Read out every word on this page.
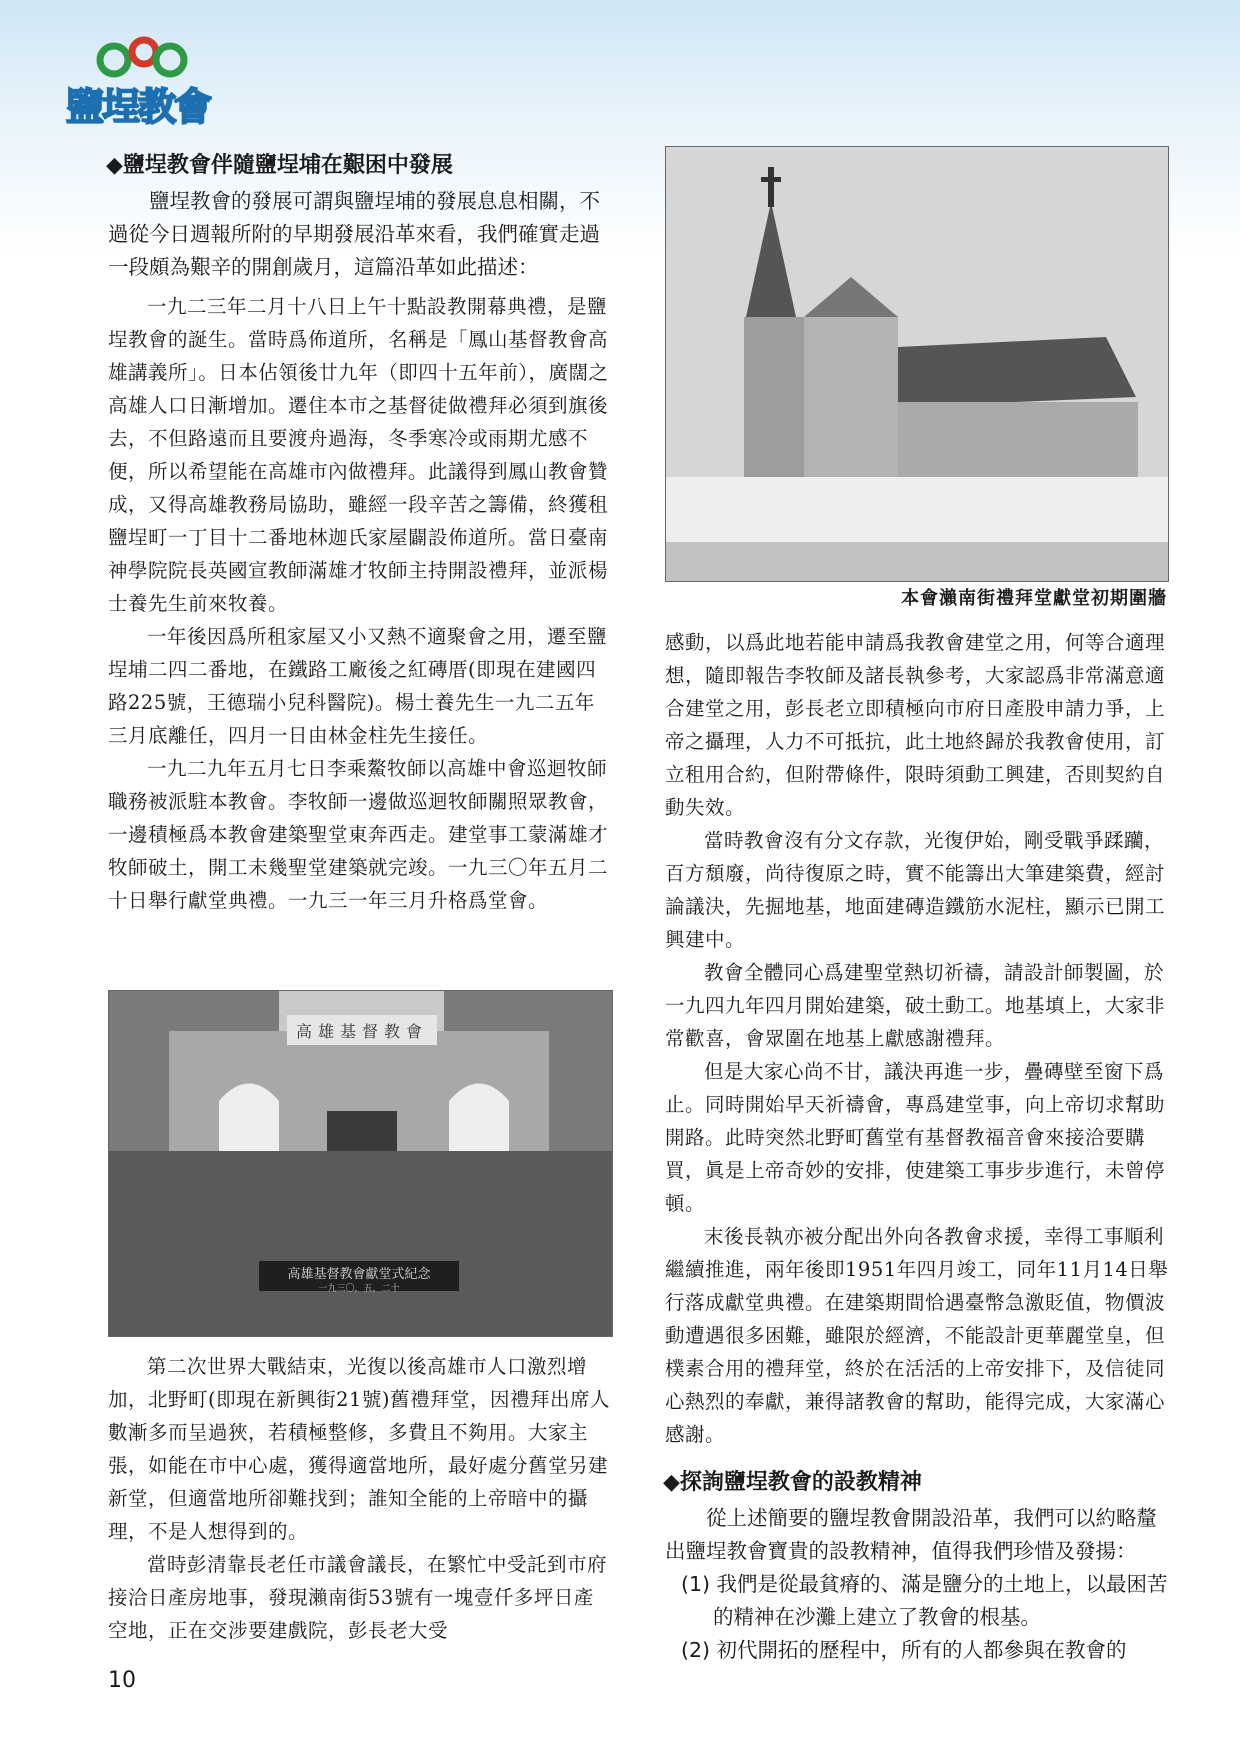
鹽埕教會
◆鹽埕教會伴隨鹽埕埔在艱困中發展

鹽埕教會的發展可謂與鹽埕埔的發展息息相關，不過從今日週報所附的早期發展沿革來看，我們確實走過一段頗為艱辛的開創歲月，這篇沿革如此描述：

一九二三年二月十八日上午十點設教開幕典禮，是鹽埕教會的誕生。當時爲佈道所，名稱是「鳳山基督教會高雄講義所」。日本佔領後廿九年（即四十五年前），廣闊之高雄人口日漸增加。遷住本市之基督徒做禮拜必須到旗後去，不但路遠而且要渡舟過海，冬季寒冷或雨期尤感不便，所以希望能在高雄市內做禮拜。此議得到鳳山教會贊成，又得高雄教務局協助，雖經一段辛苦之籌備，終獲租鹽埕町一丁目十二番地林迦氏家屋闢設佈道所。當日臺南神學院院長英國宣教師滿雄才牧師主持開設禮拜，並派楊士養先生前來牧養。

一年後因爲所租家屋又小又熱不適聚會之用，遷至鹽埕埔二四二番地，在鐵路工廠後之紅磚厝(即現在建國四路225號，王德瑞小兒科醫院)。楊士養先生一九二五年三月底離任，四月一日由林金柱先生接任。

一九二九年五月七日李乘鰲牧師以高雄中會巡迴牧師職務被派駐本教會。李牧師一邊做巡迴牧師關照眾教會，一邊積極爲本教會建築聖堂東奔西走。建堂事工蒙滿雄才牧師破土，開工未幾聖堂建築就完竣。一九三〇年五月二十日舉行獻堂典禮。一九三一年三月升格爲堂會。

高雄基督教會
高雄基督教會獻堂式紀念
一九三〇，五，二十

第二次世界大戰結束，光復以後高雄市人口激烈增加，北野町(即現在新興街21號)舊禮拜堂，因禮拜出席人數漸多而呈過狹，若積極整修，多費且不夠用。大家主張，如能在市中心處，獲得適當地所，最好處分舊堂另建新堂，但適當地所卻難找到；誰知全能的上帝暗中的攝理，不是人想得到的。

當時彭清靠長老任市議會議長，在繁忙中受託到市府接洽日產房地事，發現瀨南街53號有一塊壹仟多坪日產空地，正在交涉要建戲院，彭長老大受

本會瀨南街禮拜堂獻堂初期圍牆

感動，以爲此地若能申請爲我教會建堂之用，何等合適理想，隨即報告李牧師及諸長執參考，大家認爲非常滿意適合建堂之用，彭長老立即積極向市府日產股申請力爭，上帝之攝理，人力不可抵抗，此土地終歸於我教會使用，訂立租用合約，但附帶條件，限時須動工興建，否則契約自動失效。

當時教會沒有分文存款，光復伊始，剛受戰爭蹂躪，百方頹廢，尚待復原之時，實不能籌出大筆建築費，經討論議決，先掘地基，地面建磚造鐵筋水泥柱，顯示已開工興建中。

教會全體同心爲建聖堂熱切祈禱，請設計師製圖，於一九四九年四月開始建築，破土動工。地基填上，大家非常歡喜，會眾圍在地基上獻感謝禮拜。

但是大家心尚不甘，議決再進一步，疊磚壁至窗下爲止。同時開始早天祈禱會，專爲建堂事，向上帝切求幫助開路。此時突然北野町舊堂有基督教福音會來接洽要購買，眞是上帝奇妙的安排，使建築工事步步進行，未曾停頓。

末後長執亦被分配出外向各教會求援，幸得工事順利繼續推進，兩年後即1951年四月竣工，同年11月14日舉行落成獻堂典禮。在建築期間恰遇臺幣急激貶值，物價波動遭遇很多困難，雖限於經濟，不能設計更華麗堂皇，但樸素合用的禮拜堂，終於在活活的上帝安排下，及信徒同心熱烈的奉獻，兼得諸教會的幫助，能得完成，大家滿心感謝。

◆探詢鹽埕教會的設教精神

從上述簡要的鹽埕教會開設沿革，我們可以約略釐出鹽埕教會寶貴的設教精神，值得我們珍惜及發揚：

(1) 我們是從最貧瘠的、滿是鹽分的土地上，以最困苦的精神在沙灘上建立了教會的根基。

(2) 初代開拓的歷程中，所有的人都參與在教會的

10
